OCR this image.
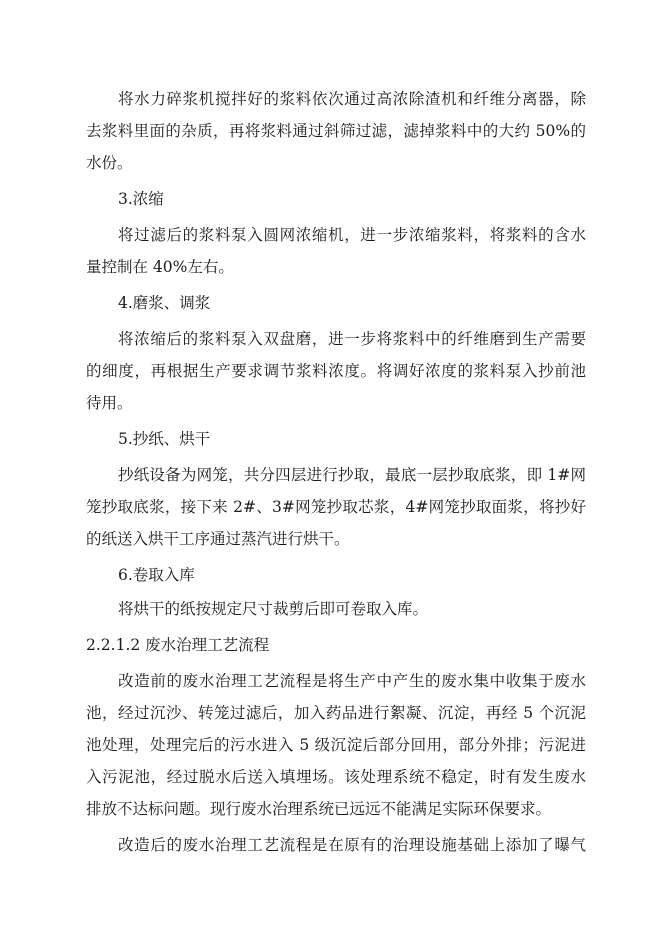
将水力碎浆机搅拌好的浆料依次通过高浓除渣机和纤维分离器，除
去浆料里面的杂质，再将浆料通过斜筛过滤，滤掉浆料中的大约 50%的
水份。
3.浓缩
将过滤后的浆料泵入圆网浓缩机，进一步浓缩浆料，将浆料的含水
量控制在 40%左右。
4.磨浆、调浆
将浓缩后的浆料泵入双盘磨，进一步将浆料中的纤维磨到生产需要
的细度，再根据生产要求调节浆料浓度。将调好浓度的浆料泵入抄前池
待用。
5.抄纸、烘干
抄纸设备为网笼，共分四层进行抄取，最底一层抄取底浆，即 1#网
笼抄取底浆，接下来 2#、3#网笼抄取芯浆，4#网笼抄取面浆，将抄好
的纸送入烘干工序通过蒸汽进行烘干。
6.卷取入库
将烘干的纸按规定尺寸裁剪后即可卷取入库。
2.2.1.2 废水治理工艺流程
改造前的废水治理工艺流程是将生产中产生的废水集中收集于废水
池，经过沉沙、转笼过滤后，加入药品进行絮凝、沉淀，再经 5 个沉泥
池处理，处理完后的污水进入 5 级沉淀后部分回用，部分外排；污泥进
入污泥池，经过脱水后送入填埋场。该处理系统不稳定，时有发生废水
排放不达标问题。现行废水治理系统已远远不能满足实际环保要求。
改造后的废水治理工艺流程是在原有的治理设施基础上添加了曝气
